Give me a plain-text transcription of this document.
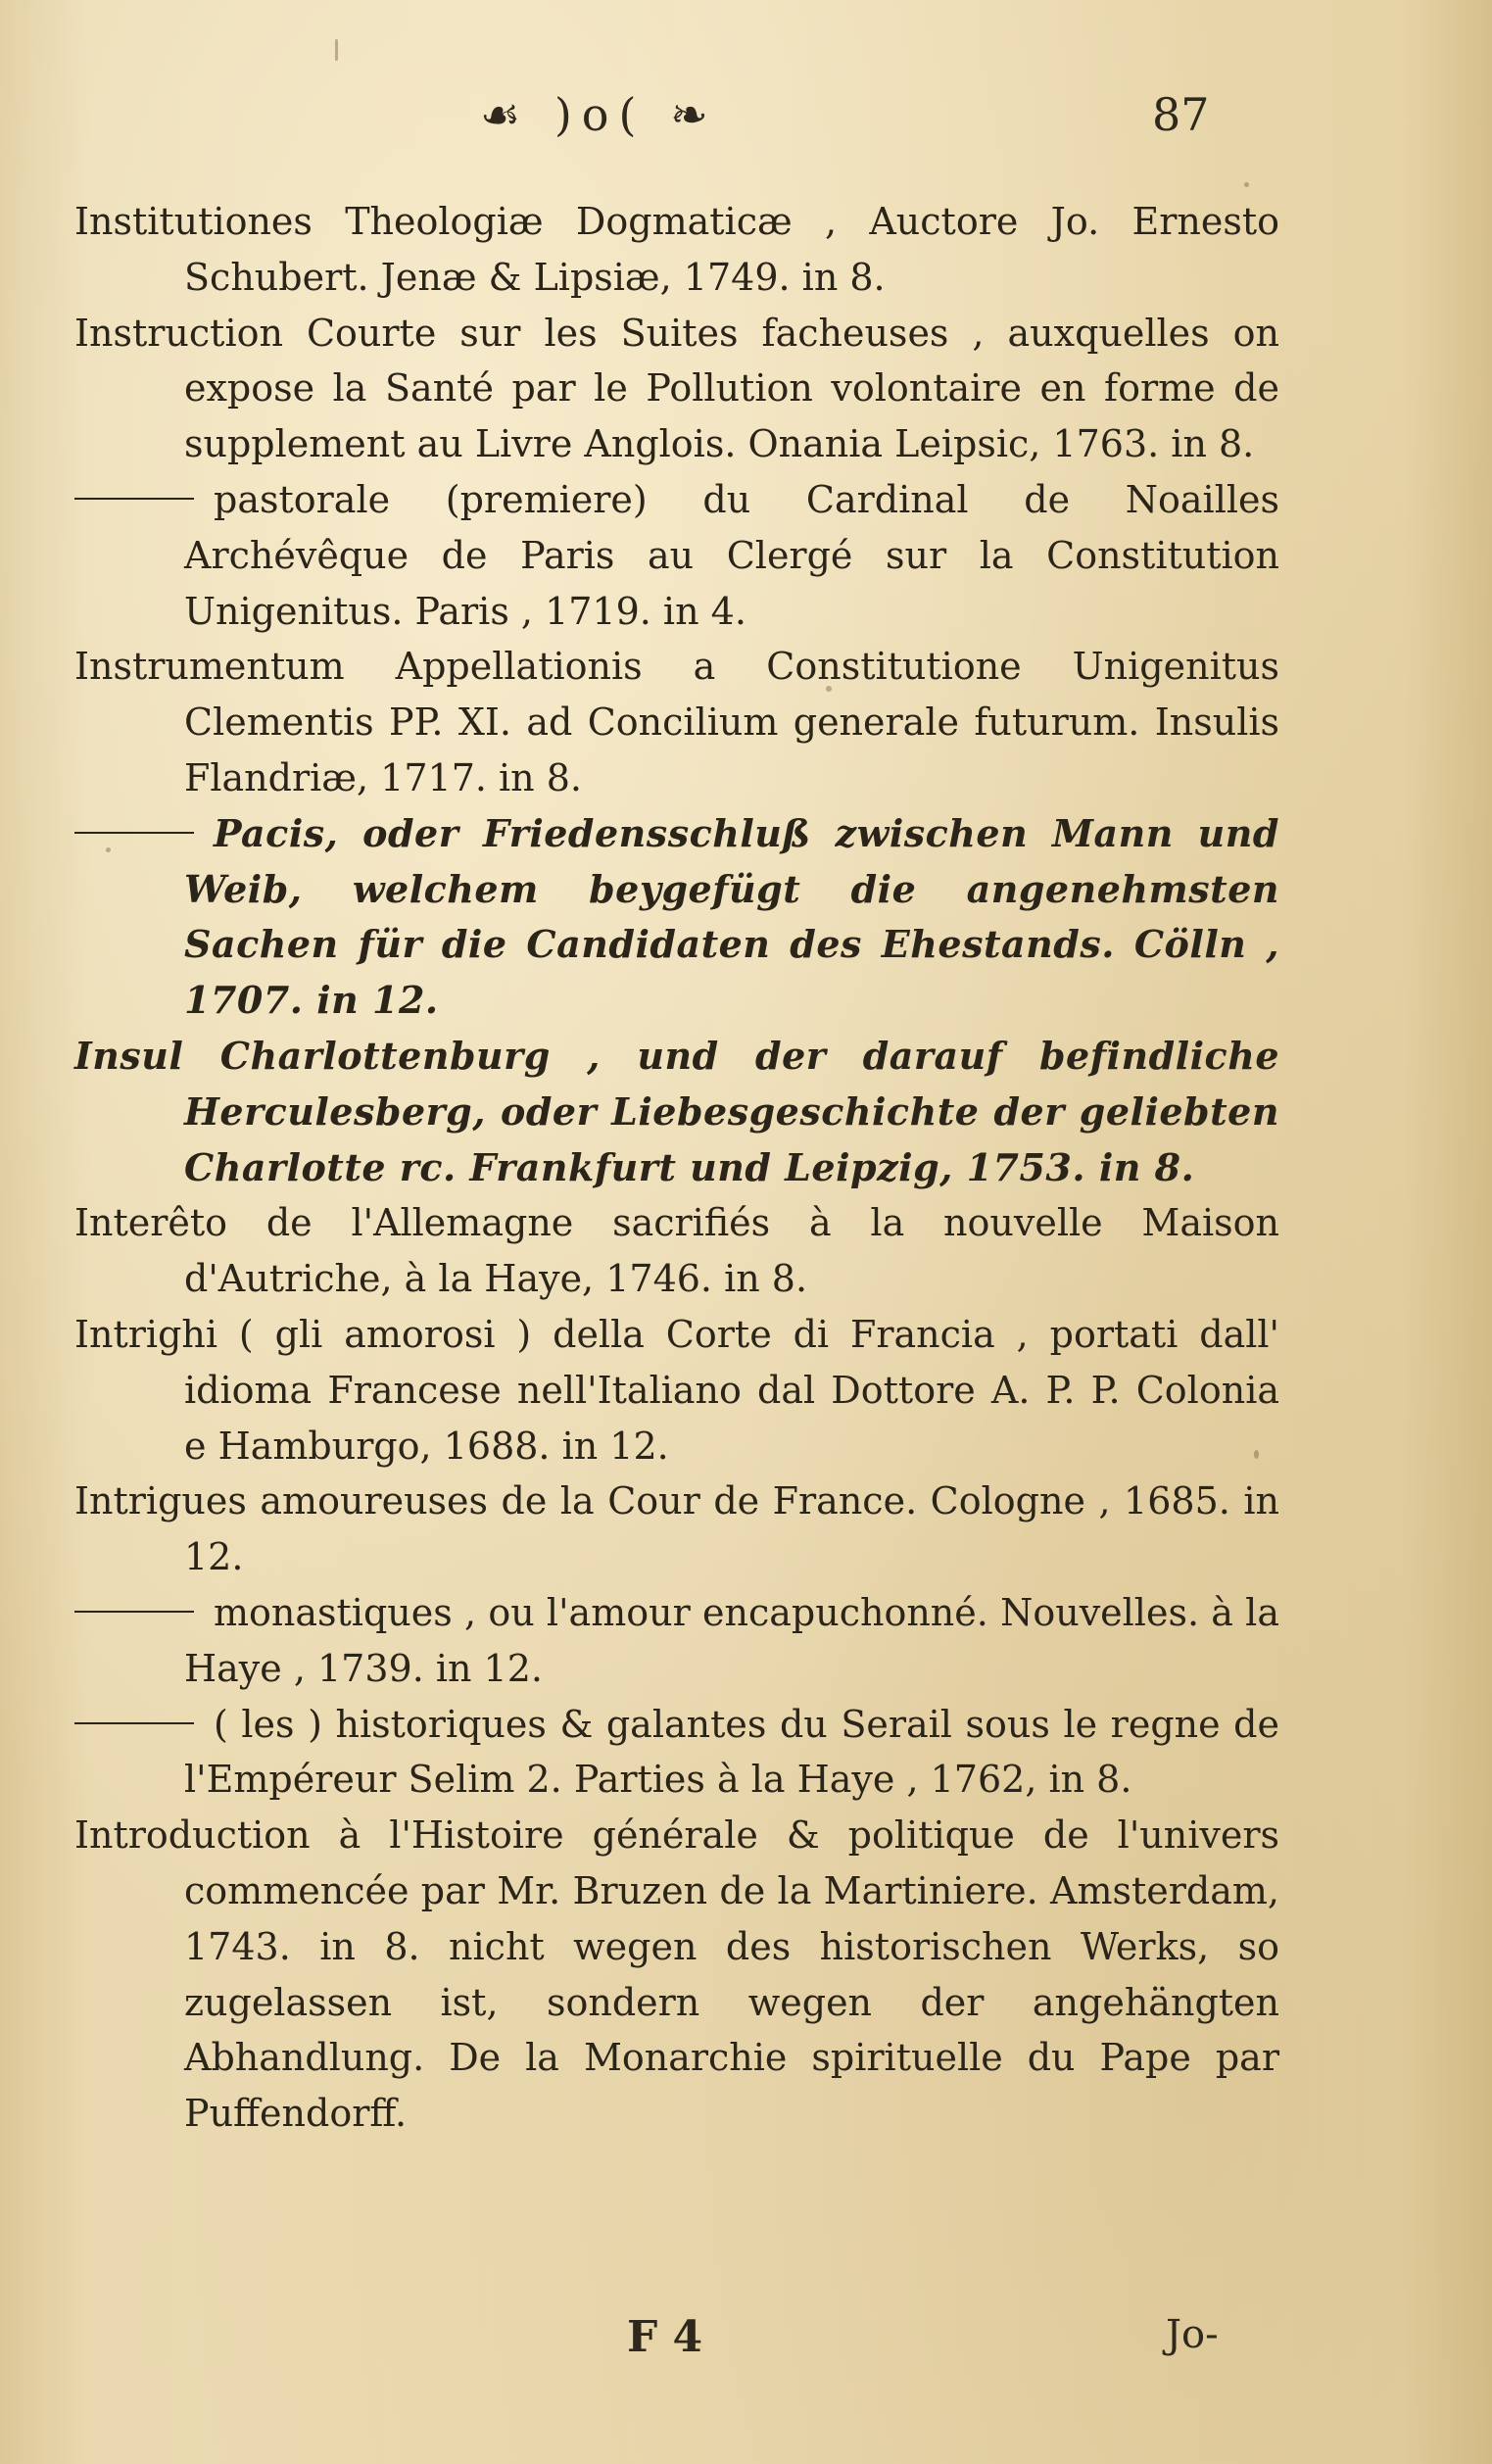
☙ )o( ❧	87

Institutiones Theologiæ Dogmaticæ , Auctore Jo. Ernesto Schubert. Jenæ & Lipsiæ, 1749. in 8.

Instruction Courte sur les Suites facheuses , auxquelles on expose la Santé par le Pollution volontaire en forme de supplement au Livre Anglois. Onania Leipsic, 1763. in 8.

pastorale (premiere) du Cardinal de Noailles Archévêque de Paris au Clergé sur la Constitution Unigenitus. Paris , 1719. in 4.

Instrumentum Appellationis a Constitutione Unigenitus Clementis PP. XI. ad Concilium generale futurum. Insulis Flandriæ, 1717. in 8.

Pacis, oder Friedensschluß zwischen Mann und Weib, welchem beygefügt die angenehmsten Sachen für die Candidaten des Ehestands. Cölln , 1707. in 12.

Insul Charlottenburg , und der darauf befindliche Herculesberg, oder Liebesgeschichte der geliebten Charlotte rc. Frankfurt und Leipzig, 1753. in 8.

Interêto de l'Allemagne sacrifiés à la nouvelle Maison d'Autriche, à la Haye, 1746. in 8.

Intrighi ( gli amorosi ) della Corte di Francia , portati dall' idioma Francese nell'Italiano dal Dottore A. P. P. Colonia e Hamburgo, 1688. in 12.

Intrigues amoureuses de la Cour de France. Cologne , 1685. in 12.

monastiques , ou l'amour encapuchonné. Nouvelles. à la Haye , 1739. in 12.

( les ) historiques & galantes du Serail sous le regne de l'Empéreur Selim 2. Parties à la Haye , 1762, in 8.

Introduction à l'Histoire générale & politique de l'univers commencée par Mr. Bruzen de la Martiniere. Amsterdam, 1743. in 8. nicht wegen des historischen Werks, so zugelassen ist, sondern wegen der angehängten Abhandlung. De la Monarchie spirituelle du Pape par Puffendorff.

F 4	Jo-
